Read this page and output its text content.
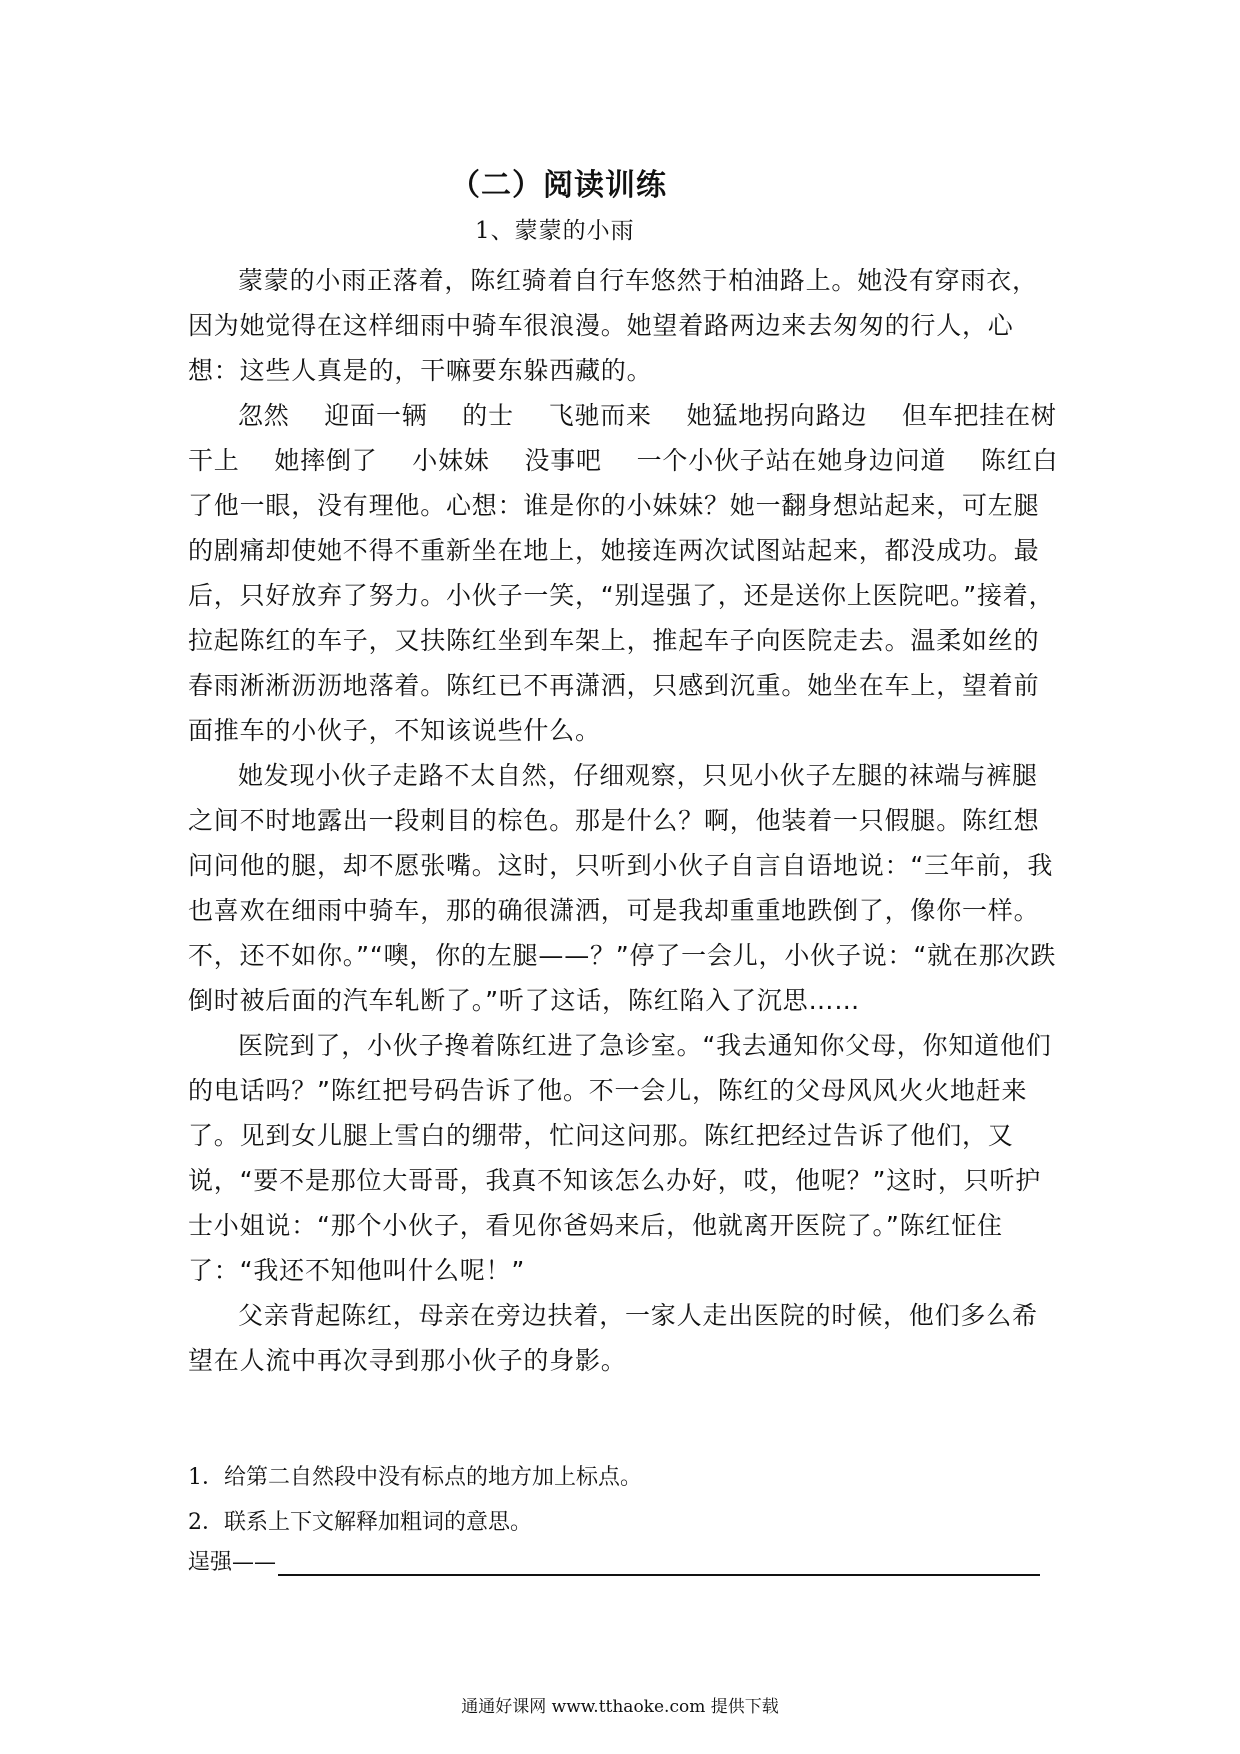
（二）阅读训练
1、蒙蒙的小雨

蒙蒙的小雨正落着，陈红骑着自行车悠然于柏油路上。她没有穿雨衣，因为她觉得在这样细雨中骑车很浪漫。她望着路两边来去匆匆的行人，心想：这些人真是的，干嘛要东躲西藏的。

忽然 迎面一辆 的士 飞驰而来 她猛地拐向路边 但车把挂在树干上 她摔倒了 小妹妹 没事吧 一个小伙子站在她身边问道 陈红白了他一眼，没有理他。心想：谁是你的小妹妹？她一翻身想站起来，可左腿的剧痛却使她不得不重新坐在地上，她接连两次试图站起来，都没成功。最后，只好放弃了努力。小伙子一笑，“别逞强了，还是送你上医院吧。”接着，拉起陈红的车子，又扶陈红坐到车架上，推起车子向医院走去。温柔如丝的春雨淅淅沥沥地落着。陈红已不再潇洒，只感到沉重。她坐在车上，望着前面推车的小伙子，不知该说些什么。

她发现小伙子走路不太自然，仔细观察，只见小伙子左腿的袜端与裤腿之间不时地露出一段刺目的棕色。那是什么？啊，他装着一只假腿。陈红想问问他的腿，却不愿张嘴。这时，只听到小伙子自言自语地说：“三年前，我也喜欢在细雨中骑车，那的确很潇洒，可是我却重重地跌倒了，像你一样。不，还不如你。”“噢，你的左腿——？”停了一会儿，小伙子说：“就在那次跌倒时被后面的汽车轧断了。”听了这话，陈红陷入了沉思……

医院到了，小伙子搀着陈红进了急诊室。“我去通知你父母，你知道他们的电话吗？”陈红把号码告诉了他。不一会儿，陈红的父母风风火火地赶来了。见到女儿腿上雪白的绷带，忙问这问那。陈红把经过告诉了他们，又说，“要不是那位大哥哥，我真不知该怎么办好，哎，他呢？”这时，只听护士小姐说：“那个小伙子，看见你爸妈来后，他就离开医院了。”陈红怔住了：“我还不知他叫什么呢！”

父亲背起陈红，母亲在旁边扶着，一家人走出医院的时候，他们多么希望在人流中再次寻到那小伙子的身影。

1．给第二自然段中没有标点的地方加上标点。

2．联系上下文解释加粗词的意思。

逞强——
通通好课网 www.tthaoke.com 提供下载
